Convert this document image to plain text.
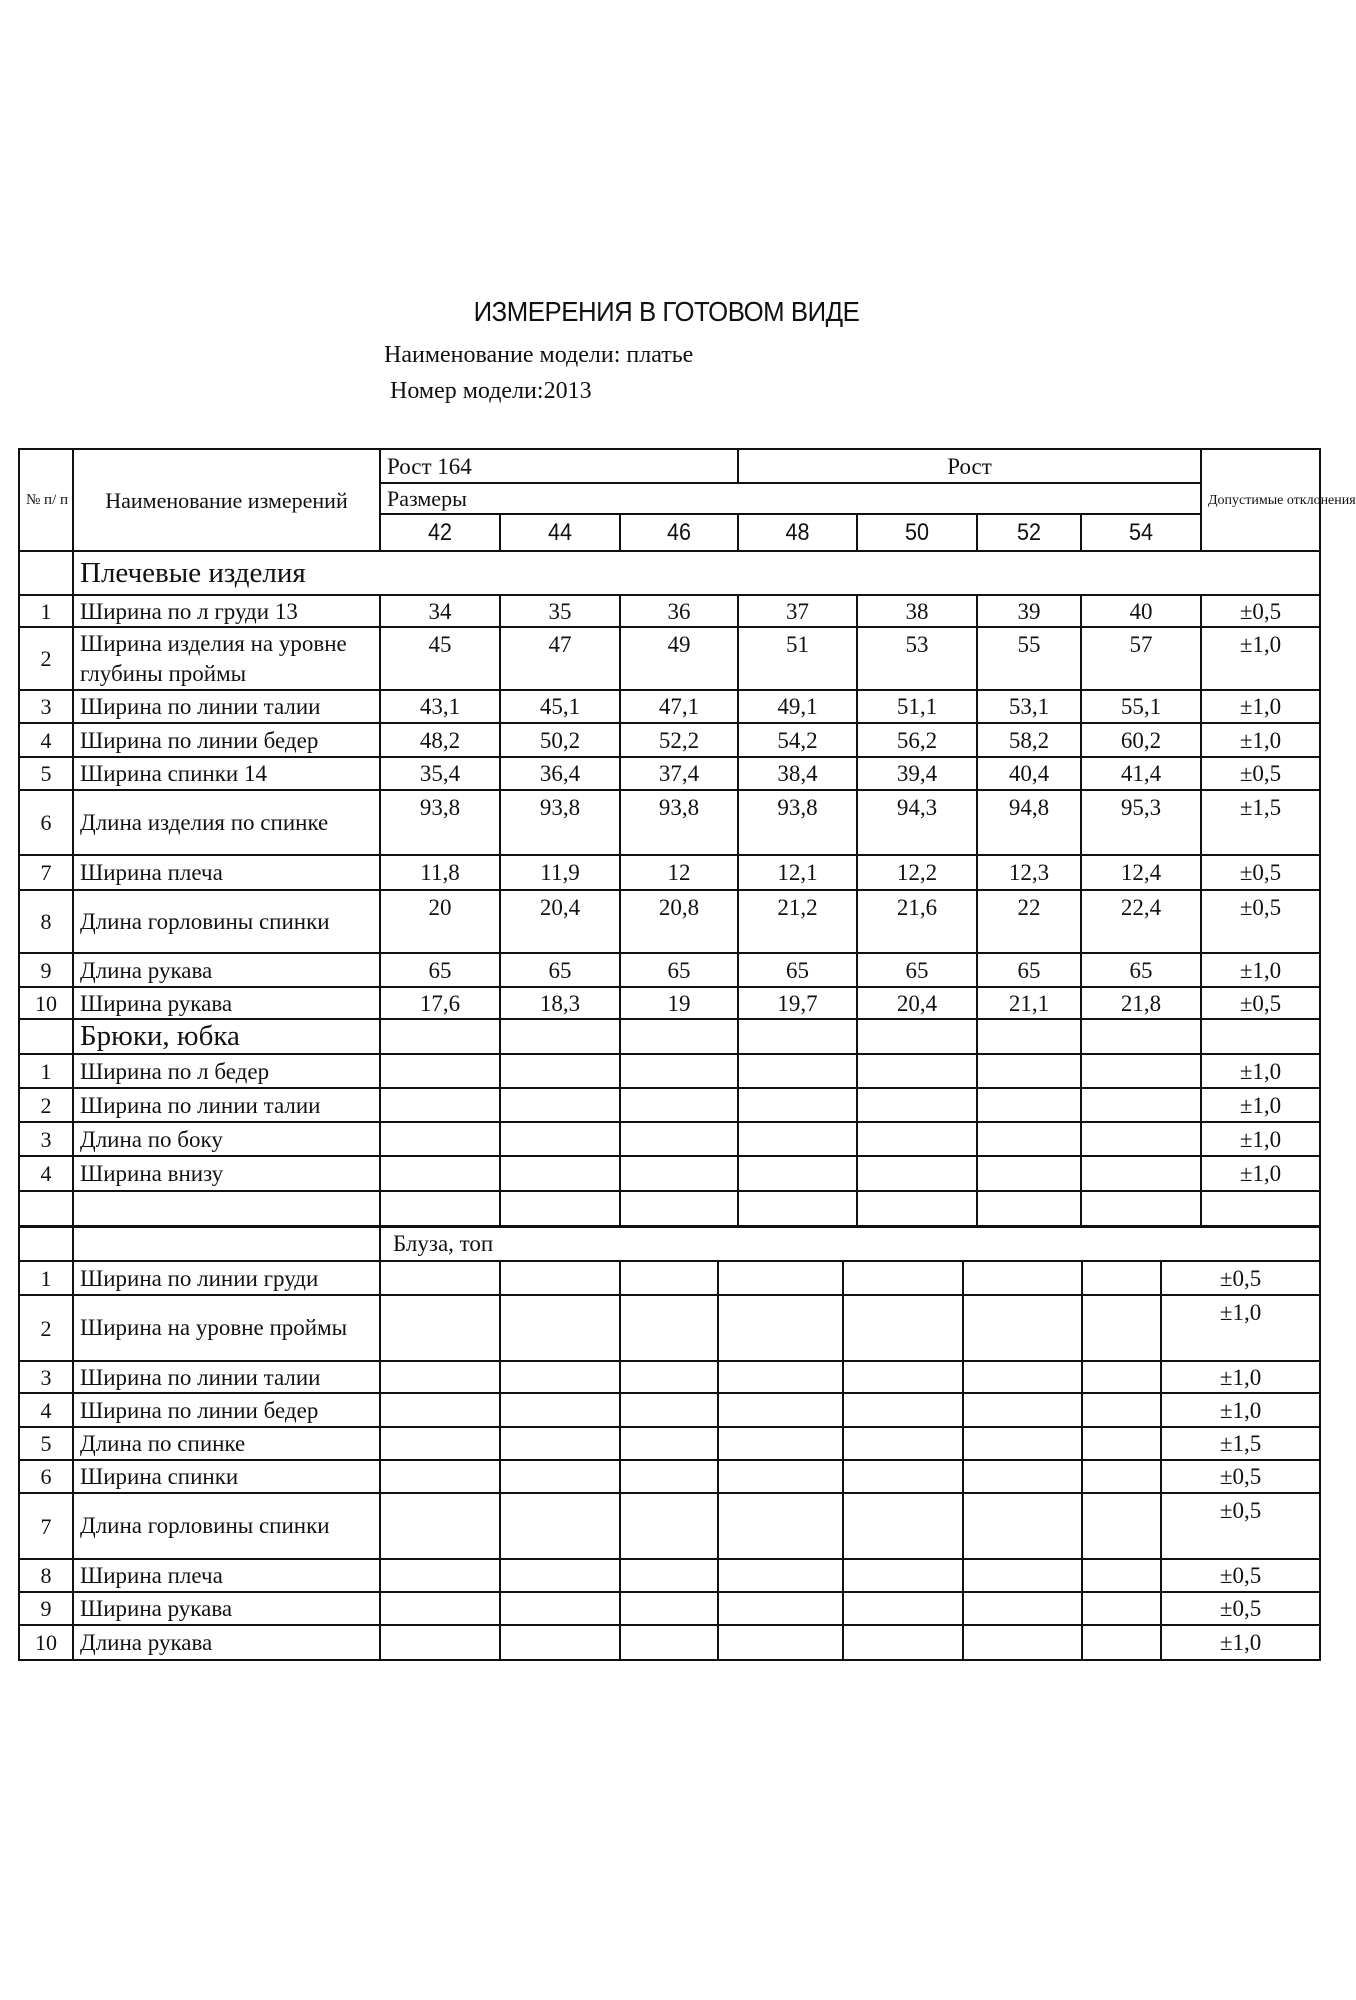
ИЗМЕРЕНИЯ В ГОТОВОМ ВИДЕ
Наименование модели: платье
Номер модели:2013
№ п/ п	Наименование измерений	Рост 164			Рост				Допустимые отклонения
		Размеры							
		42	44	46	48	50	52	54	
	Плечевые изделия								
1	Ширина по л груди 13	34	35	36	37	38	39	40	±0,5
2	Ширина изделия на уровне глубины проймы	45	47	49	51	53	55	57	±1,0
3	Ширина по линии талии	43,1	45,1	47,1	49,1	51,1	53,1	55,1	±1,0
4	Ширина по линии бедер	48,2	50,2	52,2	54,2	56,2	58,2	60,2	±1,0
5	Ширина спинки 14	35,4	36,4	37,4	38,4	39,4	40,4	41,4	±0,5
6	Длина изделия по спинке	93,8	93,8	93,8	93,8	94,3	94,8	95,3	±1,5
7	Ширина плеча	11,8	11,9	12	12,1	12,2	12,3	12,4	±0,5
8	Длина горловины спинки	20	20,4	20,8	21,2	21,6	22	22,4	±0,5
9	Длина рукава	65	65	65	65	65	65	65	±1,0
10	Ширина рукава	17,6	18,3	19	19,7	20,4	21,1	21,8	±0,5
	Брюки, юбка								
1	Ширина по л бедер								±1,0
2	Ширина по линии талии								±1,0
3	Длина по боку								±1,0
4	Ширина внизу								±1,0

		Блуза, топ							
1	Ширина по линии груди								±0,5
2	Ширина на уровне проймы								±1,0
3	Ширина по линии талии								±1,0
4	Ширина по линии бедер								±1,0
5	Длина по спинке								±1,5
6	Ширина спинки								±0,5
7	Длина горловины спинки								±0,5
8	Ширина плеча								±0,5
9	Ширина рукава								±0,5
10	Длина рукава								±1,0
